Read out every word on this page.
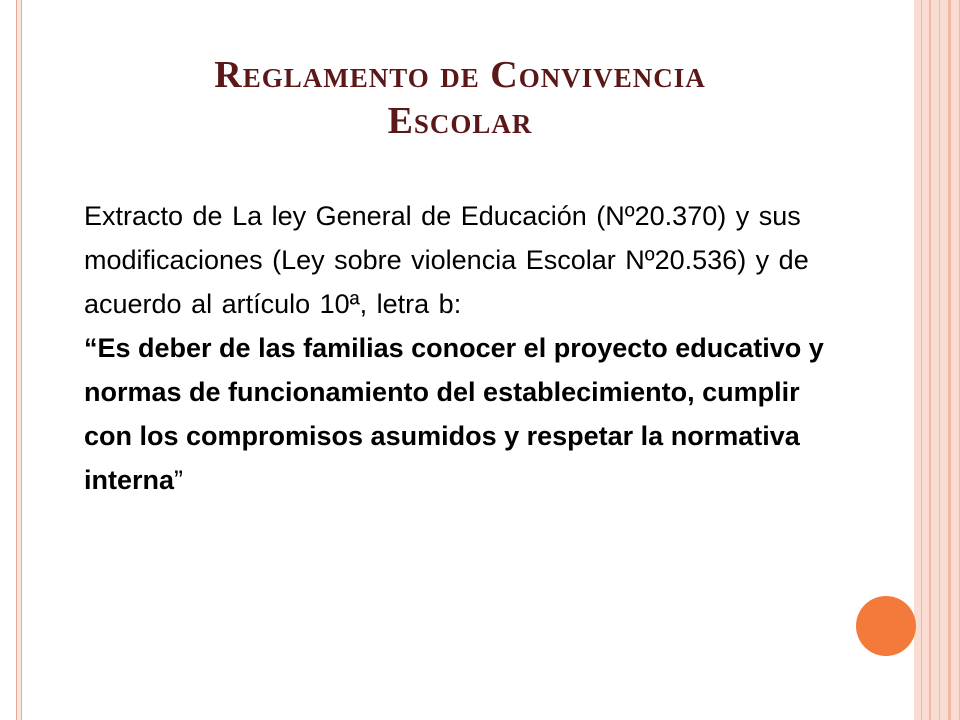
Reglamento de Convivencia
Escolar

Extracto de La ley General de Educación (Nº20.370) y sus modificaciones (Ley sobre violencia Escolar Nº20.536) y de acuerdo al artículo 10ª, letra b:

“Es deber de las familias conocer el proyecto educativo y normas de funcionamiento del establecimiento, cumplir con los compromisos asumidos y respetar la normativa interna”
